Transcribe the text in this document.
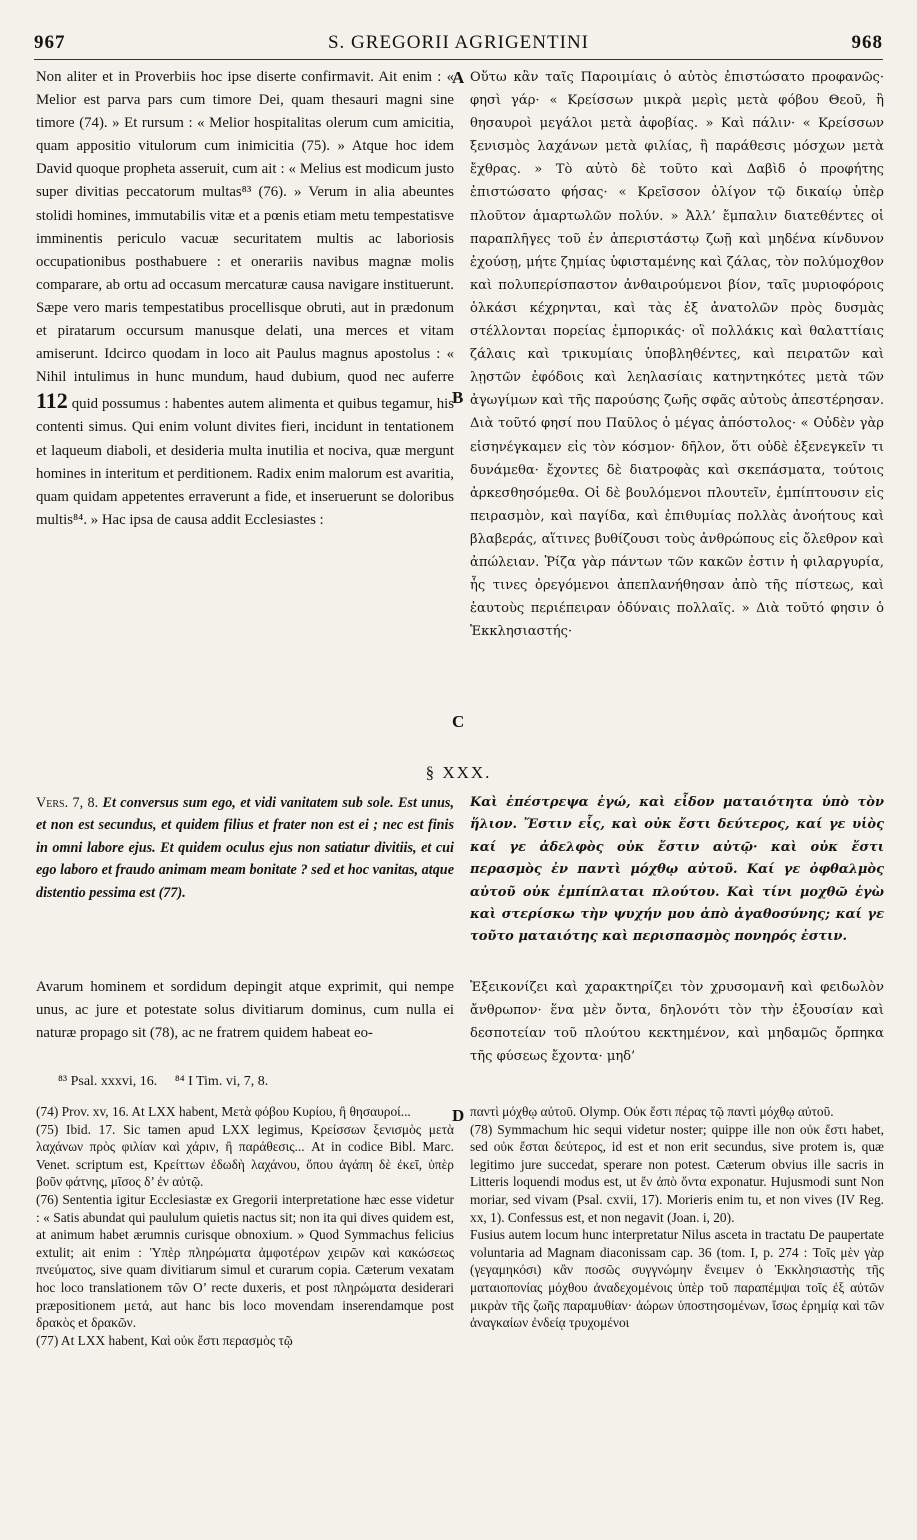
967	S. GREGORII AGRIGENTINI	968
Non aliter et in Proverbiis hoc ipse diserte confirmavit. Ait enim : « Melior est parva pars cum timore Dei, quam thesauri magni sine timore (74). » Et rursum : « Melior hospitalitas olerum cum amicitia, quam appositio vitulorum cum inimicitia (75). » Atque hoc idem David quoque propheta asseruit, cum ait : « Melius est modicum justo super divitias peccatorum multas⁸³ (76). » Verum in alia abeuntes stolidi homines, immutabilis vitæ et a pœnis etiam metu tempestatisve imminentis periculo vacuæ securitatem multis ac laboriosis occupationibus posthabuere : et onerariis navibus magnæ molis comparare, ab ortu ad occasum mercaturæ causa navigare instituerunt. Sæpe vero maris tempestatibus procellisque obruti, aut in prædonum et piratarum occursum manusque delati, una merces et vitam amiserunt. Idcirco quodam in loco ait Paulus magnus apostolus : « Nihil intulimus in hunc mundum, haud dubium, quod nec auferre 112 quid possumus : habentes autem alimenta et quibus tegamur, his contenti simus. Qui enim volunt divites fieri, incidunt in tentationem et laqueum diaboli, et desideria multa inutilia et nociva, quæ mergunt homines in interitum et perditionem. Radix enim malorum est avaritia, quam quidam appetentes erraverunt a fide, et inseruerunt se doloribus multis⁸⁴. » Hac ipsa de causa addit Ecclesiastes :
Οὕτω κἂν ταῖς Παροιμίαις ὁ αὐτὸς ἐπιστώσατο προφανῶς· φησὶ γάρ· « Κρείσσων μικρὰ μερὶς μετὰ φόβου Θεοῦ, ἢ θησαυροὶ μεγάλοι μετὰ ἀφοβίας. » Καὶ πάλιν· « Κρείσσων ξενισμὸς λαχάνων μετὰ φιλίας, ἢ παράθεσις μόσχων μετὰ ἔχθρας. » Τὸ αὐτὸ δὲ τοῦτο καὶ Δαβὶδ ὁ προφήτης ἐπιστώσατο φήσας· « Κρεῖσσον ὀλίγον τῷ δικαίῳ ὑπὲρ πλοῦτον ἁμαρτωλῶν πολύν. » Ἀλλ’ ἔμπαλιν διατεθέντες οἱ παραπλῆγες τοῦ ἐν ἀπεριστάστῳ ζωῇ καὶ μηδένα κίνδυνον ἐχούσῃ, μήτε ζημίας ὑφισταμένης καὶ ζάλας, τὸν πολύμοχθον καὶ πολυπερίσπαστον ἀνθαιρούμενοι βίον, ταῖς μυριοφόροις ὁλκάσι κέχρηνται, καὶ τὰς ἐξ ἀνατολῶν πρὸς δυσμὰς στέλλονται πορείας ἐμπορικάς· οἳ πολλάκις καὶ θαλαττίαις ζάλαις καὶ τρικυμίαις ὑποβληθέντες, καὶ πειρατῶν καὶ λῃστῶν ἐφόδοις καὶ λεηλασίαις κατηντηκότες μετὰ τῶν ἀγωγίμων καὶ τῆς παρούσης ζωῆς σφᾶς αὐτοὺς ἀπεστέρησαν. Διὰ τοῦτό φησί που Παῦλος ὁ μέγας ἀπόστολος· « Οὐδὲν γὰρ εἰσηνέγκαμεν εἰς τὸν κόσμον· δῆλον, ὅτι οὐδὲ ἐξενεγκεῖν τι δυνάμεθα· ἔχοντες δὲ διατροφὰς καὶ σκεπάσματα, τούτοις ἀρκεσθησόμεθα. Οἱ δὲ βουλόμενοι πλουτεῖν, ἐμπίπτουσιν εἰς πειρασμὸν, καὶ παγίδα, καὶ ἐπιθυμίας πολλὰς ἀνοήτους καὶ βλαβεράς, αἵτινες βυθίζουσι τοὺς ἀνθρώπους εἰς ὄλεθρον καὶ ἀπώλειαν. Ῥίζα γὰρ πάντων τῶν κακῶν ἐστιν ἡ φιλαργυρία, ἧς τινες ὀρεγόμενοι ἀπεπλανήθησαν ἀπὸ τῆς πίστεως, καὶ ἑαυτοὺς περιέπειραν ὀδύναις πολλαῖς. » Διὰ τοῦτό φησιν ὁ Ἐκκλησιαστής·
A
B
C
D
§ XXX.
Vers. 7, 8. Et conversus sum ego, et vidi vanitatem sub sole. Est unus, et non est secundus, et quidem filius et frater non est ei ; nec est finis in omni labore ejus. Et quidem oculus ejus non satiatur divitiis, et cui ego laboro et fraudo animam meam bonitate ? sed et hoc vanitas, atque distentio pessima est (77).
Καὶ ἐπέστρεψα ἐγώ, καὶ εἶδον ματαιότητα ὑπὸ τὸν ἥλιον. Ἔστιν εἷς, καὶ οὐκ ἔστι δεύτερος, καί γε υἱὸς καί γε ἀδελφὸς οὐκ ἔστιν αὐτῷ· καὶ οὐκ ἔστι περασμὸς ἐν παντὶ μόχθῳ αὐτοῦ. Καί γε ὀφθαλμὸς αὐτοῦ οὐκ ἐμπίπλαται πλούτου. Καὶ τίνι μοχθῶ ἐγὼ καὶ στερίσκω τὴν ψυχήν μου ἀπὸ ἀγαθοσύνης; καί γε τοῦτο ματαιότης καὶ περισπασμὸς πονηρός ἐστιν.
Avarum hominem et sordidum depingit atque exprimit, qui nempe unus, ac jure et potestate solus divitiarum dominus, cum nulla ei naturæ propago sit (78), ac ne fratrem quidem habeat eo-
Ἐξεικονίζει καὶ χαρακτηρίζει τὸν χρυσομανῆ καὶ φειδωλὸν ἄνθρωπον· ἕνα μὲν ὄντα, δηλονότι τὸν τὴν ἐξουσίαν καὶ δεσποτείαν τοῦ πλούτου κεκτημένον, καὶ μηδαμῶς ὄρπηκα τῆς φύσεως ἔχοντα· μηδ’
⁸³ Psal. xxxvi, 16. ⁸⁴ I Tim. vi, 7, 8.

(74) Prov. xv, 16. At LXX habent, Μετὰ φόβου Κυρίου, ἢ θησαυροί...

(75) Ibid. 17. Sic tamen apud LXX legimus, Κρείσσων ξενισμὸς μετὰ λαχάνων πρὸς φιλίαν καὶ χάριν, ἢ παράθεσις... At in codice Bibl. Marc. Venet. scriptum est, Κρείττων ἐδωδὴ λαχάνου, ὅπου ἀγάπη δὲ ἐκεῖ, ὑπὲρ βοῦν φάτνης, μῖσος δ’ ἐν αὐτῷ.

(76) Sententia igitur Ecclesiastæ ex Gregorii interpretatione hæc esse videtur : « Satis abundat qui paululum quietis nactus sit; non ita qui dives quidem est, at animum habet ærumnis curisque obnoxium. » Quod Symmachus felicius extulit; ait enim : Ὑπὲρ πληρώματα ἀμφοτέρων χειρῶν καὶ κακώσεως πνεύματος, sive quam divitiarum simul et curarum copia. Cæterum vexatam hoc loco translationem τῶν Ο’ recte duxeris, et post πληρώματα desiderari præpositionem μετά, aut hanc bis loco movendam inserendamque post δρακὸς et δρακῶν.

(77) At LXX habent, Καὶ οὐκ ἔστι περασμὸς τῷ

παντὶ μόχθῳ αὐτοῦ. Olymp. Οὐκ ἔστι πέρας τῷ παντὶ μόχθῳ αὐτοῦ.

(78) Symmachum hic sequi videtur noster; quippe ille non οὐκ ἔστι habet, sed οὐκ ἔσται δεύτερος, id est et non erit secundus, sive protem is, quæ legitimo jure succedat, sperare non potest. Cæterum obvius ille sacris in Litteris loquendi modus est, ut ἔν ἀπὸ ὄντα exponatur. Hujusmodi sunt Non moriar, sed vivam (Psal. cxvii, 17). Morieris enim tu, et non vives (IV Reg. xx, 1). Confessus est, et non negavit (Joan. i, 20).

Fusius autem locum hunc interpretatur Nilus asceta in tractatu De paupertate voluntaria ad Magnam diaconissam cap. 36 (tom. I, p. 274 : Τοῖς μὲν γὰρ (γεγαμηκόσι) κἂν ποσῶς συγγνώμην ἔνειμεν ὁ Ἐκκλησιαστὴς τῆς ματαιοπονίας μόχθου ἀναδεχομένοις ὑπὲρ τοῦ παραπέμψαι τοῖς ἐξ αὐτῶν μικρὰν τῆς ζωῆς παραμυθίαν· ἀώρων ὑποστησομένων, ἴσως ἐρημίᾳ καὶ τῶν ἀναγκαίων ἐνδείᾳ τρυχομένοι
